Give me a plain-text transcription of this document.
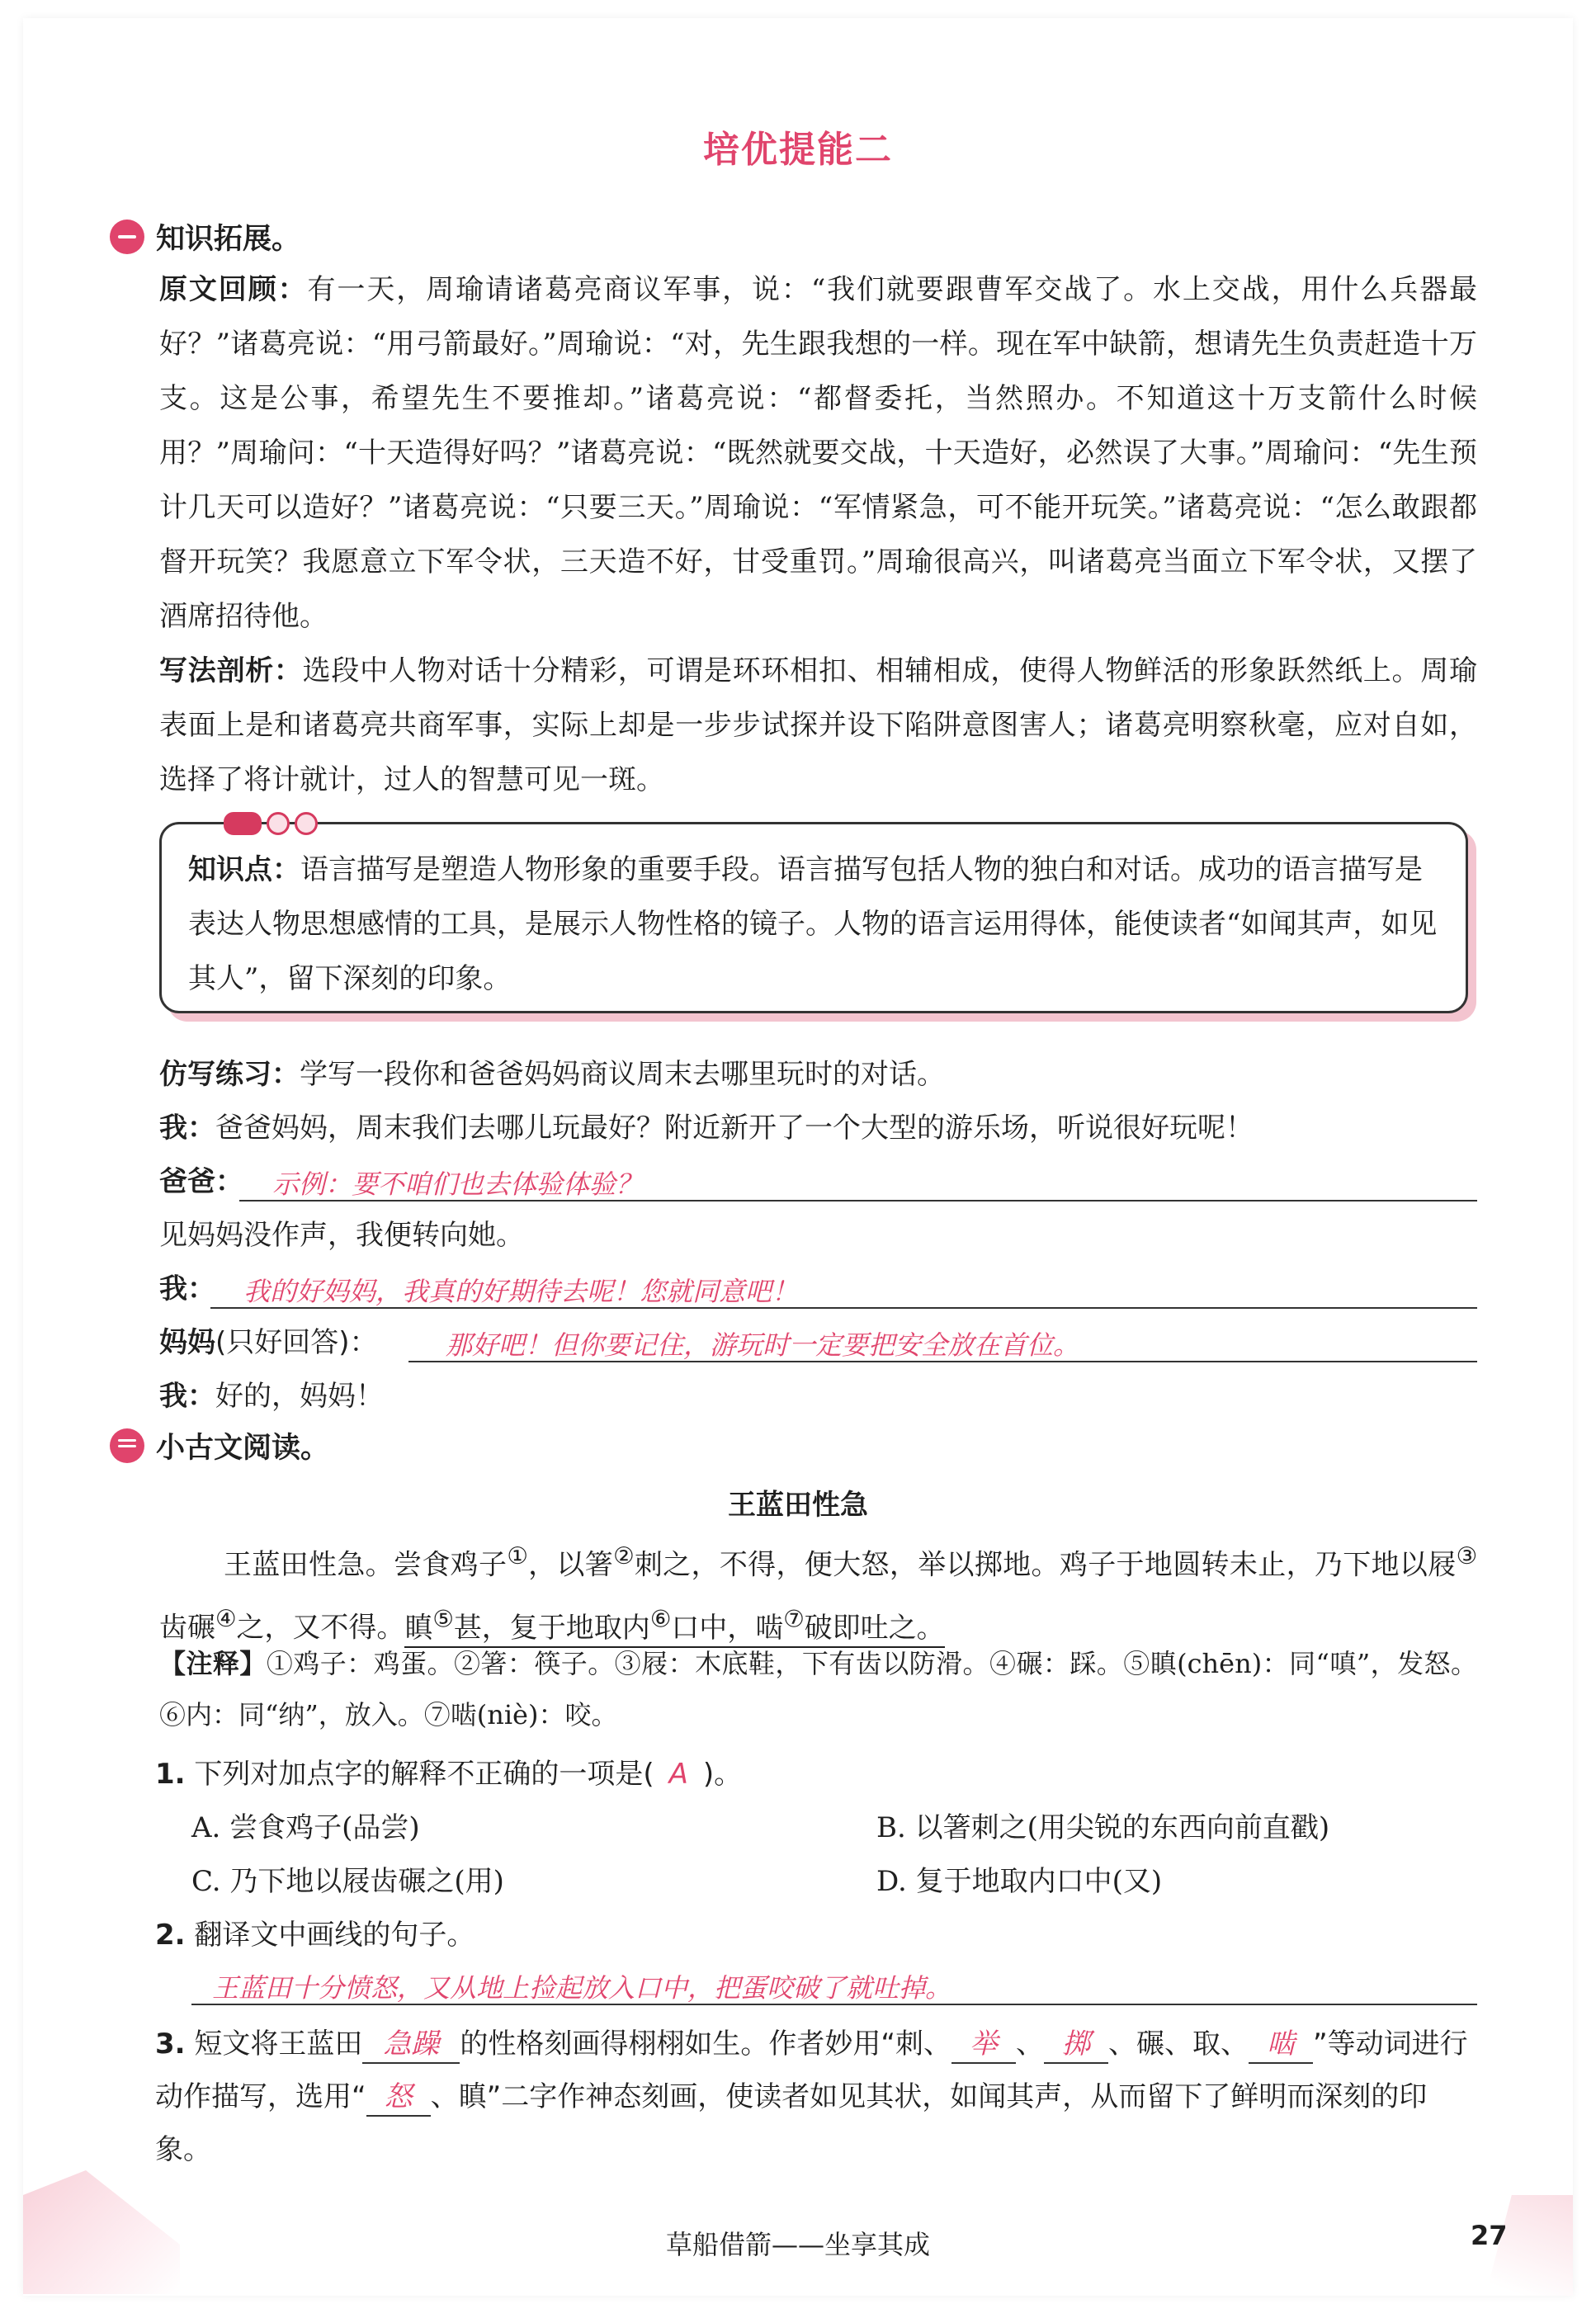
培优提能二
知识拓展。
原文回顾：有一天，周瑜请诸葛亮商议军事，说：“我们就要跟曹军交战了。水上交战，用什么兵器最好？”诸葛亮说：“用弓箭最好。”周瑜说：“对，先生跟我想的一样。现在军中缺箭，想请先生负责赶造十万支。这是公事，希望先生不要推却。”诸葛亮说：“都督委托，当然照办。不知道这十万支箭什么时候用？”周瑜问：“十天造得好吗？”诸葛亮说：“既然就要交战，十天造好，必然误了大事。”周瑜问：“先生预计几天可以造好？”诸葛亮说：“只要三天。”周瑜说：“军情紧急，可不能开玩笑。”诸葛亮说：“怎么敢跟都督开玩笑？我愿意立下军令状，三天造不好，甘受重罚。”周瑜很高兴，叫诸葛亮当面立下军令状，又摆了酒席招待他。
写法剖析：选段中人物对话十分精彩，可谓是环环相扣、相辅相成，使得人物鲜活的形象跃然纸上。周瑜表面上是和诸葛亮共商军事，实际上却是一步步试探并设下陷阱意图害人；诸葛亮明察秋毫，应对自如，选择了将计就计，过人的智慧可见一斑。
知识点：语言描写是塑造人物形象的重要手段。语言描写包括人物的独白和对话。成功的语言描写是表达人物思想感情的工具，是展示人物性格的镜子。人物的语言运用得体，能使读者“如闻其声，如见其人”，留下深刻的印象。
仿写练习：学写一段你和爸爸妈妈商议周末去哪里玩时的对话。
我：爸爸妈妈，周末我们去哪儿玩最好？附近新开了一个大型的游乐场，听说很好玩呢！
爸爸：	示例：要不咱们也去体验体验？
见妈妈没作声，我便转向她。
我：	我的好妈妈，我真的好期待去呢！您就同意吧！
妈妈(只好回答)：	那好吧！但你要记住，游玩时一定要把安全放在首位。
我：好的，妈妈！
小古文阅读。
王蓝田性急
王蓝田性急。尝食鸡子①，以箸②刺之，不得，便大怒，举以掷地。鸡子于地圆转未止，乃下地以屐③齿碾④之，又不得。瞋⑤甚，复于地取内⑥口中，啮⑦破即吐之。
【注释】①鸡子：鸡蛋。②箸：筷子。③屐：木底鞋，下有齿以防滑。④碾：踩。⑤瞋(chēn)：同“嗔”，发怒。⑥内：同“纳”，放入。⑦啮(niè)：咬。
1. 下列对加点字的解释不正确的一项是( A )。
A. 尝食鸡子(品尝)	B. 以箸刺之(用尖锐的东西向前直戳)
C. 乃下地以屐齿碾之(用)	D. 复于地取内口中(又)
2. 翻译文中画线的句子。
王蓝田十分愤怒，又从地上捡起放入口中，把蛋咬破了就吐掉。
3. 短文将王蓝田 急躁 的性格刻画得栩栩如生。作者妙用“刺、 举 、 掷 、碾、取、 啮 ”等动词进行动作描写，选用“ 怒 、瞋”二字作神态刻画，使读者如见其状，如闻其声，从而留下了鲜明而深刻的印象。
草船借箭——坐享其成	27
